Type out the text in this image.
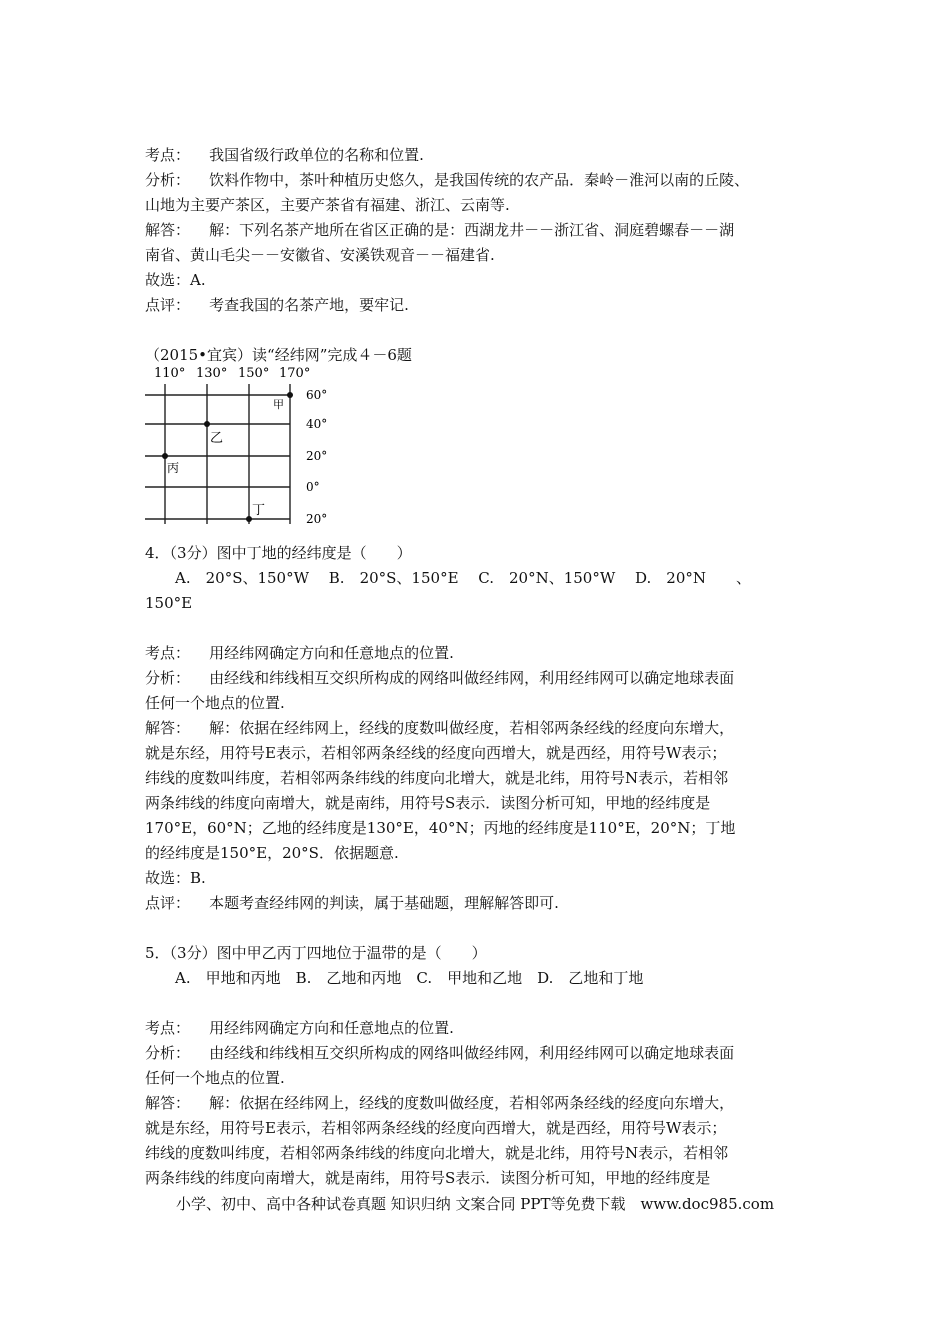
考点： 我国省级行政单位的名称和位置.
分析： 饮料作物中，茶叶种植历史悠久，是我国传统的农产品．秦岭－淮河以南的丘陵、
山地为主要产茶区，主要产茶省有福建、浙江、云南等.
解答： 解：下列名茶产地所在省区正确的是：西湖龙井－－浙江省、洞庭碧螺春－－湖
南省、黄山毛尖－－安徽省、安溪铁观音－－福建省.
故选：A.
点评： 考查我国的名茶产地，要牢记.
（2015•宜宾）读“经纬网”完成４－6题
110° 130° 150° 170°
60°
40°
20°
0°
20°
甲
乙
丙
丁
4．（3分）图中丁地的经纬度是（　　）
A.　20°S、150°W　 B.　20°S、150°E　 C.　20°N、150°W　 D.　20°N　　、
150°E
考点： 用经纬网确定方向和任意地点的位置.
分析： 由经线和纬线相互交织所构成的网络叫做经纬网，利用经纬网可以确定地球表面
任何一个地点的位置.
解答： 解：依据在经纬网上，经线的度数叫做经度，若相邻两条经线的经度向东增大，
就是东经，用符号E表示，若相邻两条经线的经度向西增大，就是西经，用符号W表示；
纬线的度数叫纬度，若相邻两条纬线的纬度向北增大，就是北纬，用符号N表示，若相邻
两条纬线的纬度向南增大，就是南纬，用符号S表示．读图分析可知，甲地的经纬度是
170°E，60°N；乙地的经纬度是130°E，40°N；丙地的经纬度是110°E，20°N；丁地
的经纬度是150°E，20°S．依据题意.
故选：B.
点评： 本题考查经纬网的判读，属于基础题，理解解答即可.
5．（3分）图中甲乙丙丁四地位于温带的是（　　）
A.　甲地和丙地　B.　乙地和丙地　C.　甲地和乙地　D.　乙地和丁地
考点： 用经纬网确定方向和任意地点的位置.
分析： 由经线和纬线相互交织所构成的网络叫做经纬网，利用经纬网可以确定地球表面
任何一个地点的位置.
解答： 解：依据在经纬网上，经线的度数叫做经度，若相邻两条经线的经度向东增大，
就是东经，用符号E表示，若相邻两条经线的经度向西增大，就是西经，用符号W表示；
纬线的度数叫纬度，若相邻两条纬线的纬度向北增大，就是北纬，用符号N表示，若相邻
两条纬线的纬度向南增大，就是南纬，用符号S表示．读图分析可知，甲地的经纬度是
小学、初中、高中各种试卷真题 知识归纳 文案合同 PPT等免费下载　www.doc985.com
